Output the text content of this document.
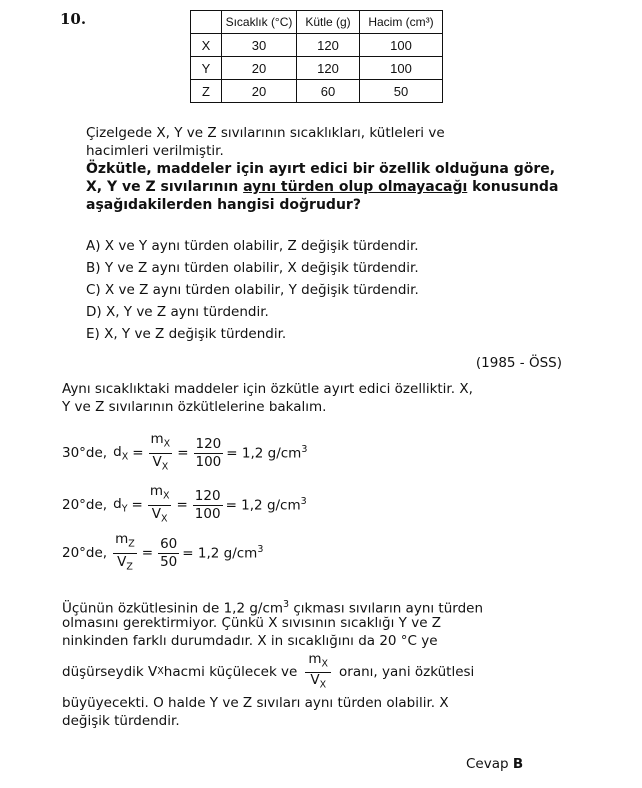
10.
		Sıcaklık (°C)	Kütle (g)	Hacim (cm³)
X	30	120	100
Y	20	120	100
Z	20	60	50
Çizelgede X, Y ve Z sıvılarının sıcaklıkları, kütleleri ve
hacimleri verilmiştir.
Özkütle, maddeler için ayırt edici bir özellik olduğuna göre,
X, Y ve Z sıvılarının aynı türden olup olmayacağı konusunda
aşağıdakilerden hangisi doğrudur?
A) X ve Y aynı türden olabilir, Z değişik türdendir.
B) Y ve Z aynı türden olabilir, X değişik türdendir.
C) X ve Z aynı türden olabilir, Y değişik türdendir.
D) X, Y ve Z aynı türdendir.
E) X, Y ve Z değişik türdendir.
(1985 - ÖSS)
Aynı sıcaklıktaki maddeler için özkütle ayırt edici özelliktir. X,
Y ve Z sıvılarının özkütlelerine bakalım.
30°de, $d_X = \frac{m_X}{V_X} = \frac{120}{100} = 1,2$ $g/cm^3$
20°de, $d_Y = \frac{m_X}{V_X} = \frac{120}{100} = 1,2$ $g/cm^3$
20°de, $\frac{m_Z}{V_Z} = \frac{60}{50} = 1,2$ $g/cm^3$
Üçünün özkütlesinin de 1,2 $g/cm^3$ çıkması sıvıların aynı türden
olmasını gerektirmiyor. Çünkü X sıvısının sıcaklığı Y ve Z
ninkinden farklı durumdadır. X in sıcaklığını da 20 °C ye
düşürseydik V X hacmi küçülecek ve $\frac{m_X}{V_X}$ oranı, yani özkütlesi
büyüyecekti. O halde Y ve Z sıvıları aynı türden olabilir. X
değişik türdendir.
Cevap B
